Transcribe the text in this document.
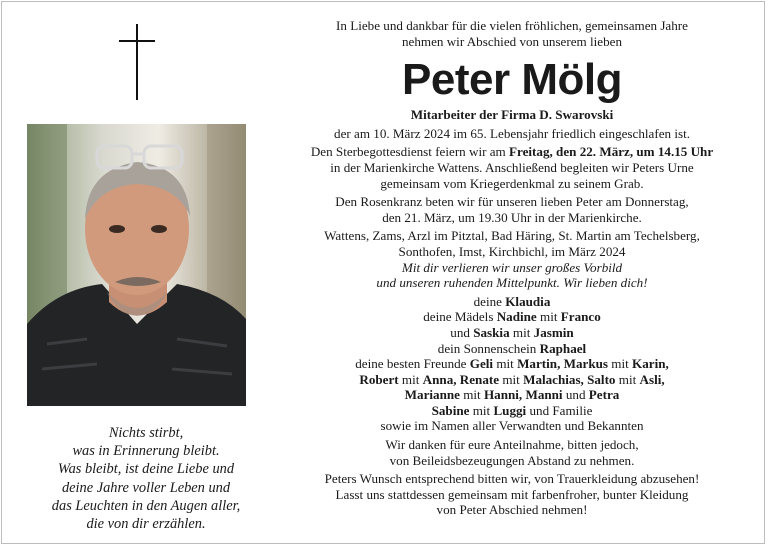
Nichts stirbt,
was in Erinnerung bleibt.
Was bleibt, ist deine Liebe und
deine Jahre voller Leben und
das Leuchten in den Augen aller,
die von dir erzählen.
In Liebe und dankbar für die vielen fröhlichen, gemeinsamen Jahre
nehmen wir Abschied von unserem lieben
Peter Mölg
Mitarbeiter der Firma D. Swarovski
der am 10. März 2024 im 65. Lebensjahr friedlich eingeschlafen ist.
Den Sterbegottesdienst feiern wir am Freitag, den 22. März, um 14.15 Uhr
in der Marienkirche Wattens. Anschließend begleiten wir Peters Urne
gemeinsam vom Kriegerdenkmal zu seinem Grab.
Den Rosenkranz beten wir für unseren lieben Peter am Donnerstag,
den 21. März, um 19.30 Uhr in der Marienkirche.
Wattens, Zams, Arzl im Pitztal, Bad Häring, St. Martin am Techelsberg,
Sonthofen, Imst, Kirchbichl, im März 2024
Mit dir verlieren wir unser großes Vorbild
und unseren ruhenden Mittelpunkt. Wir lieben dich!
deine Klaudia
deine Mädels Nadine mit Franco
und Saskia mit Jasmin
dein Sonnenschein Raphael
deine besten Freunde Geli mit Martin, Markus mit Karin,
Robert mit Anna, Renate mit Malachias, Salto mit Asli,
Marianne mit Hanni, Manni und Petra
Sabine mit Luggi und Familie
sowie im Namen aller Verwandten und Bekannten
Wir danken für eure Anteilnahme, bitten jedoch,
von Beileidsbezeugungen Abstand zu nehmen.
Peters Wunsch entsprechend bitten wir, von Trauerkleidung abzusehen!
Lasst uns stattdessen gemeinsam mit farbenfroher, bunter Kleidung
von Peter Abschied nehmen!
